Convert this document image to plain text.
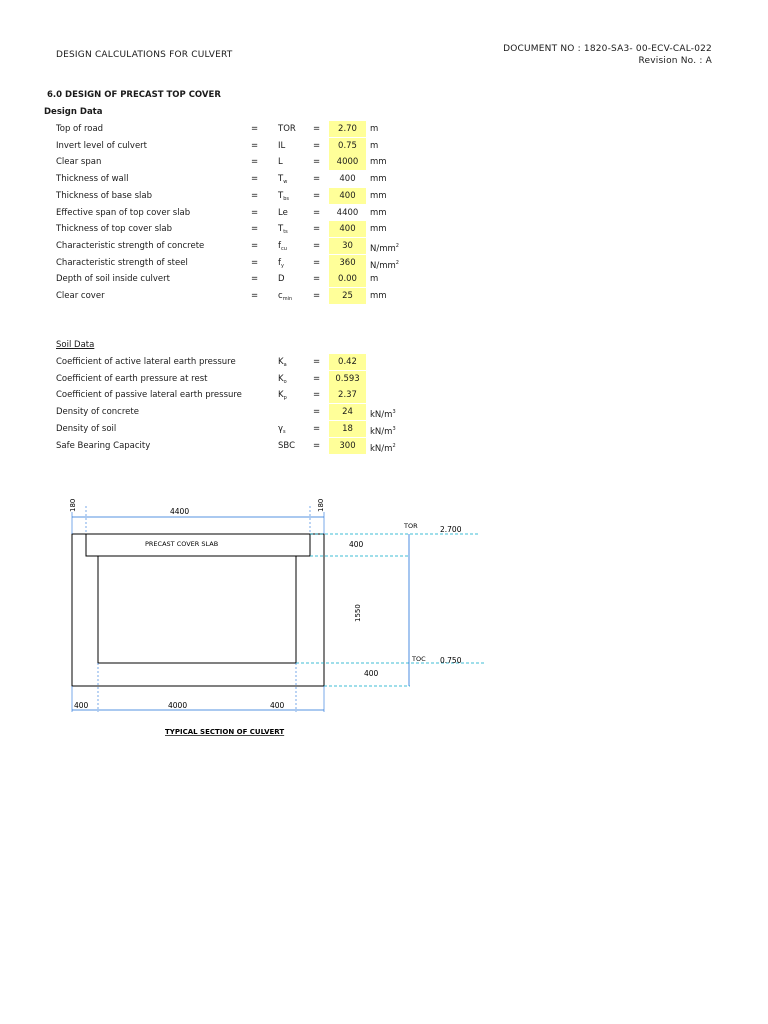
DESIGN CALCULATIONS FOR CULVERT
DOCUMENT NO : 1820-SA3- 00-ECV-CAL-022
Revision No. : A
6.0 DESIGN OF PRECAST TOP COVER
Design Data
Top of road	= TOR =	2.70	m
Invert level of culvert	= IL	=	0.75	m
Clear span	= L	=	4000	mm
Thickness of wall	= $T_w$	=	400	mm
Thickness of base slab	= $T_{bs}$	=	400	mm
Effective span of top cover slab	= Le	=	4400	mm
Thickness of top cover slab	= $T_{ts}$	=	400	mm
Characteristic strength of concrete	= $f_{cu}$	=	30	$N/mm^2$
Characteristic strength of steel	= $f_y$	=	360	$N/mm^2$
Depth of soil inside culvert	= D	=	0.00	m
Clear cover	= $c_{min}$ =	25	mm
Soil Data
Coefficient of active lateral earth pressure	$K_a$	=	0.42
Coefficient of earth pressure at rest	$K_o$	=	0.593
Coefficient of passive lateral earth pressure	$K_p$	=	2.37
Density of concrete	=	24	$kN/m^3$
Density of soil	$\gamma_s$	=	18	$kN/m^3$
Safe Bearing Capacity	SBC =	300	$kN/m^2$
180	4400	180
PRECAST COVER SLAB	400
1550
400
TOR	2.700
TOC 0.750
400	4000	400
TYPICAL SECTION OF CULVERT
